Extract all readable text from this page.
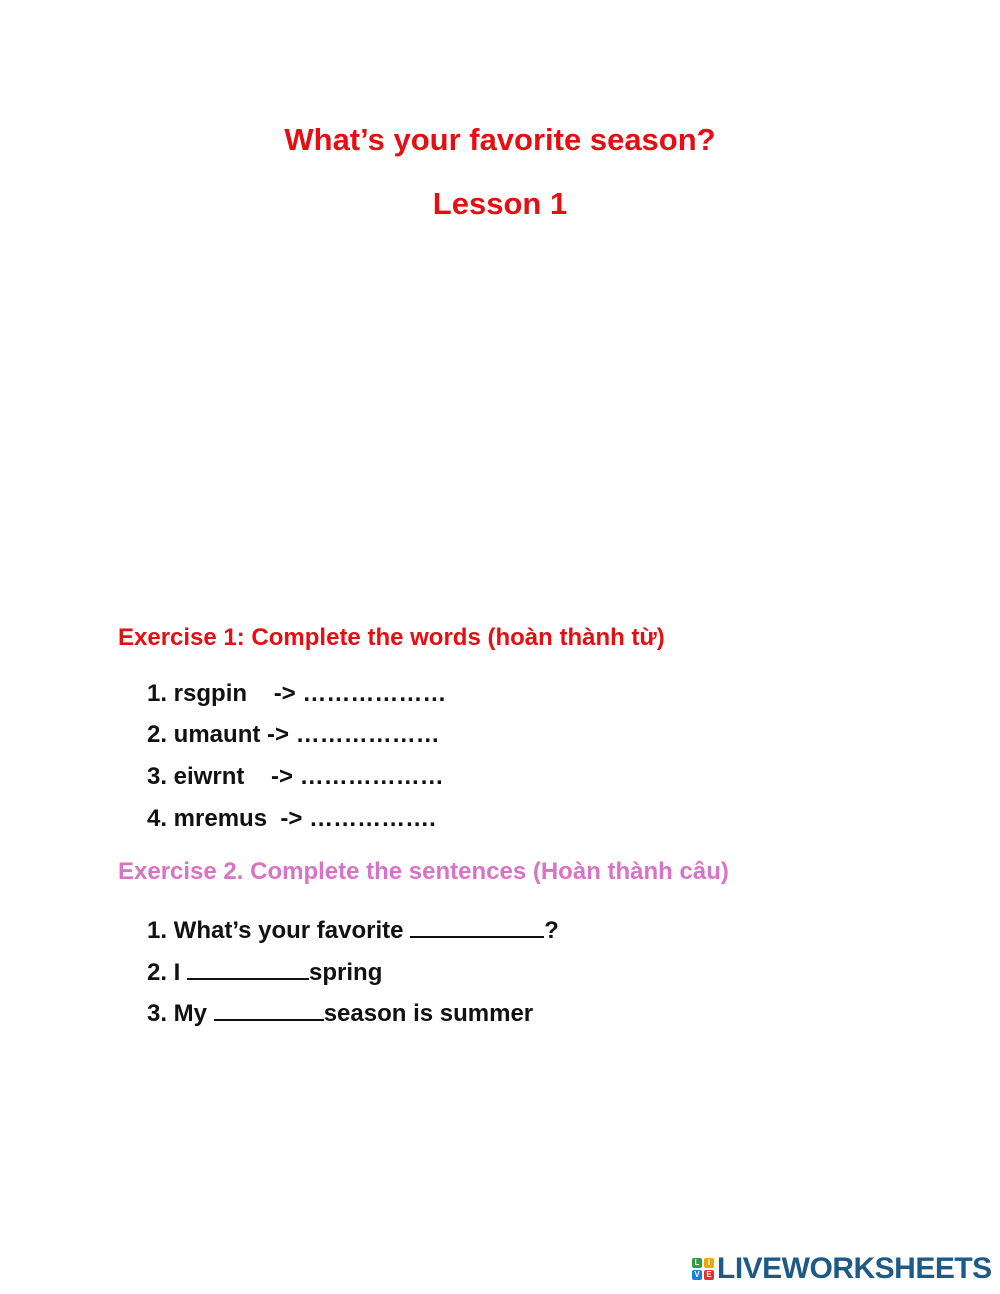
What’s your favorite season?
Lesson 1
Exercise 1: Complete the words (hoàn thành từ)
1. rsgpin    -> ………………
2. umaunt -> ………………
3. eiwrnt    -> ………………
4. mremus  -> …………….
Exercise 2. Complete the sentences (Hoàn thành câu)
1. What’s your favorite	?
2. I	spring
3. My	season is summer
L	I
V E LIVEWORKSHEETS
